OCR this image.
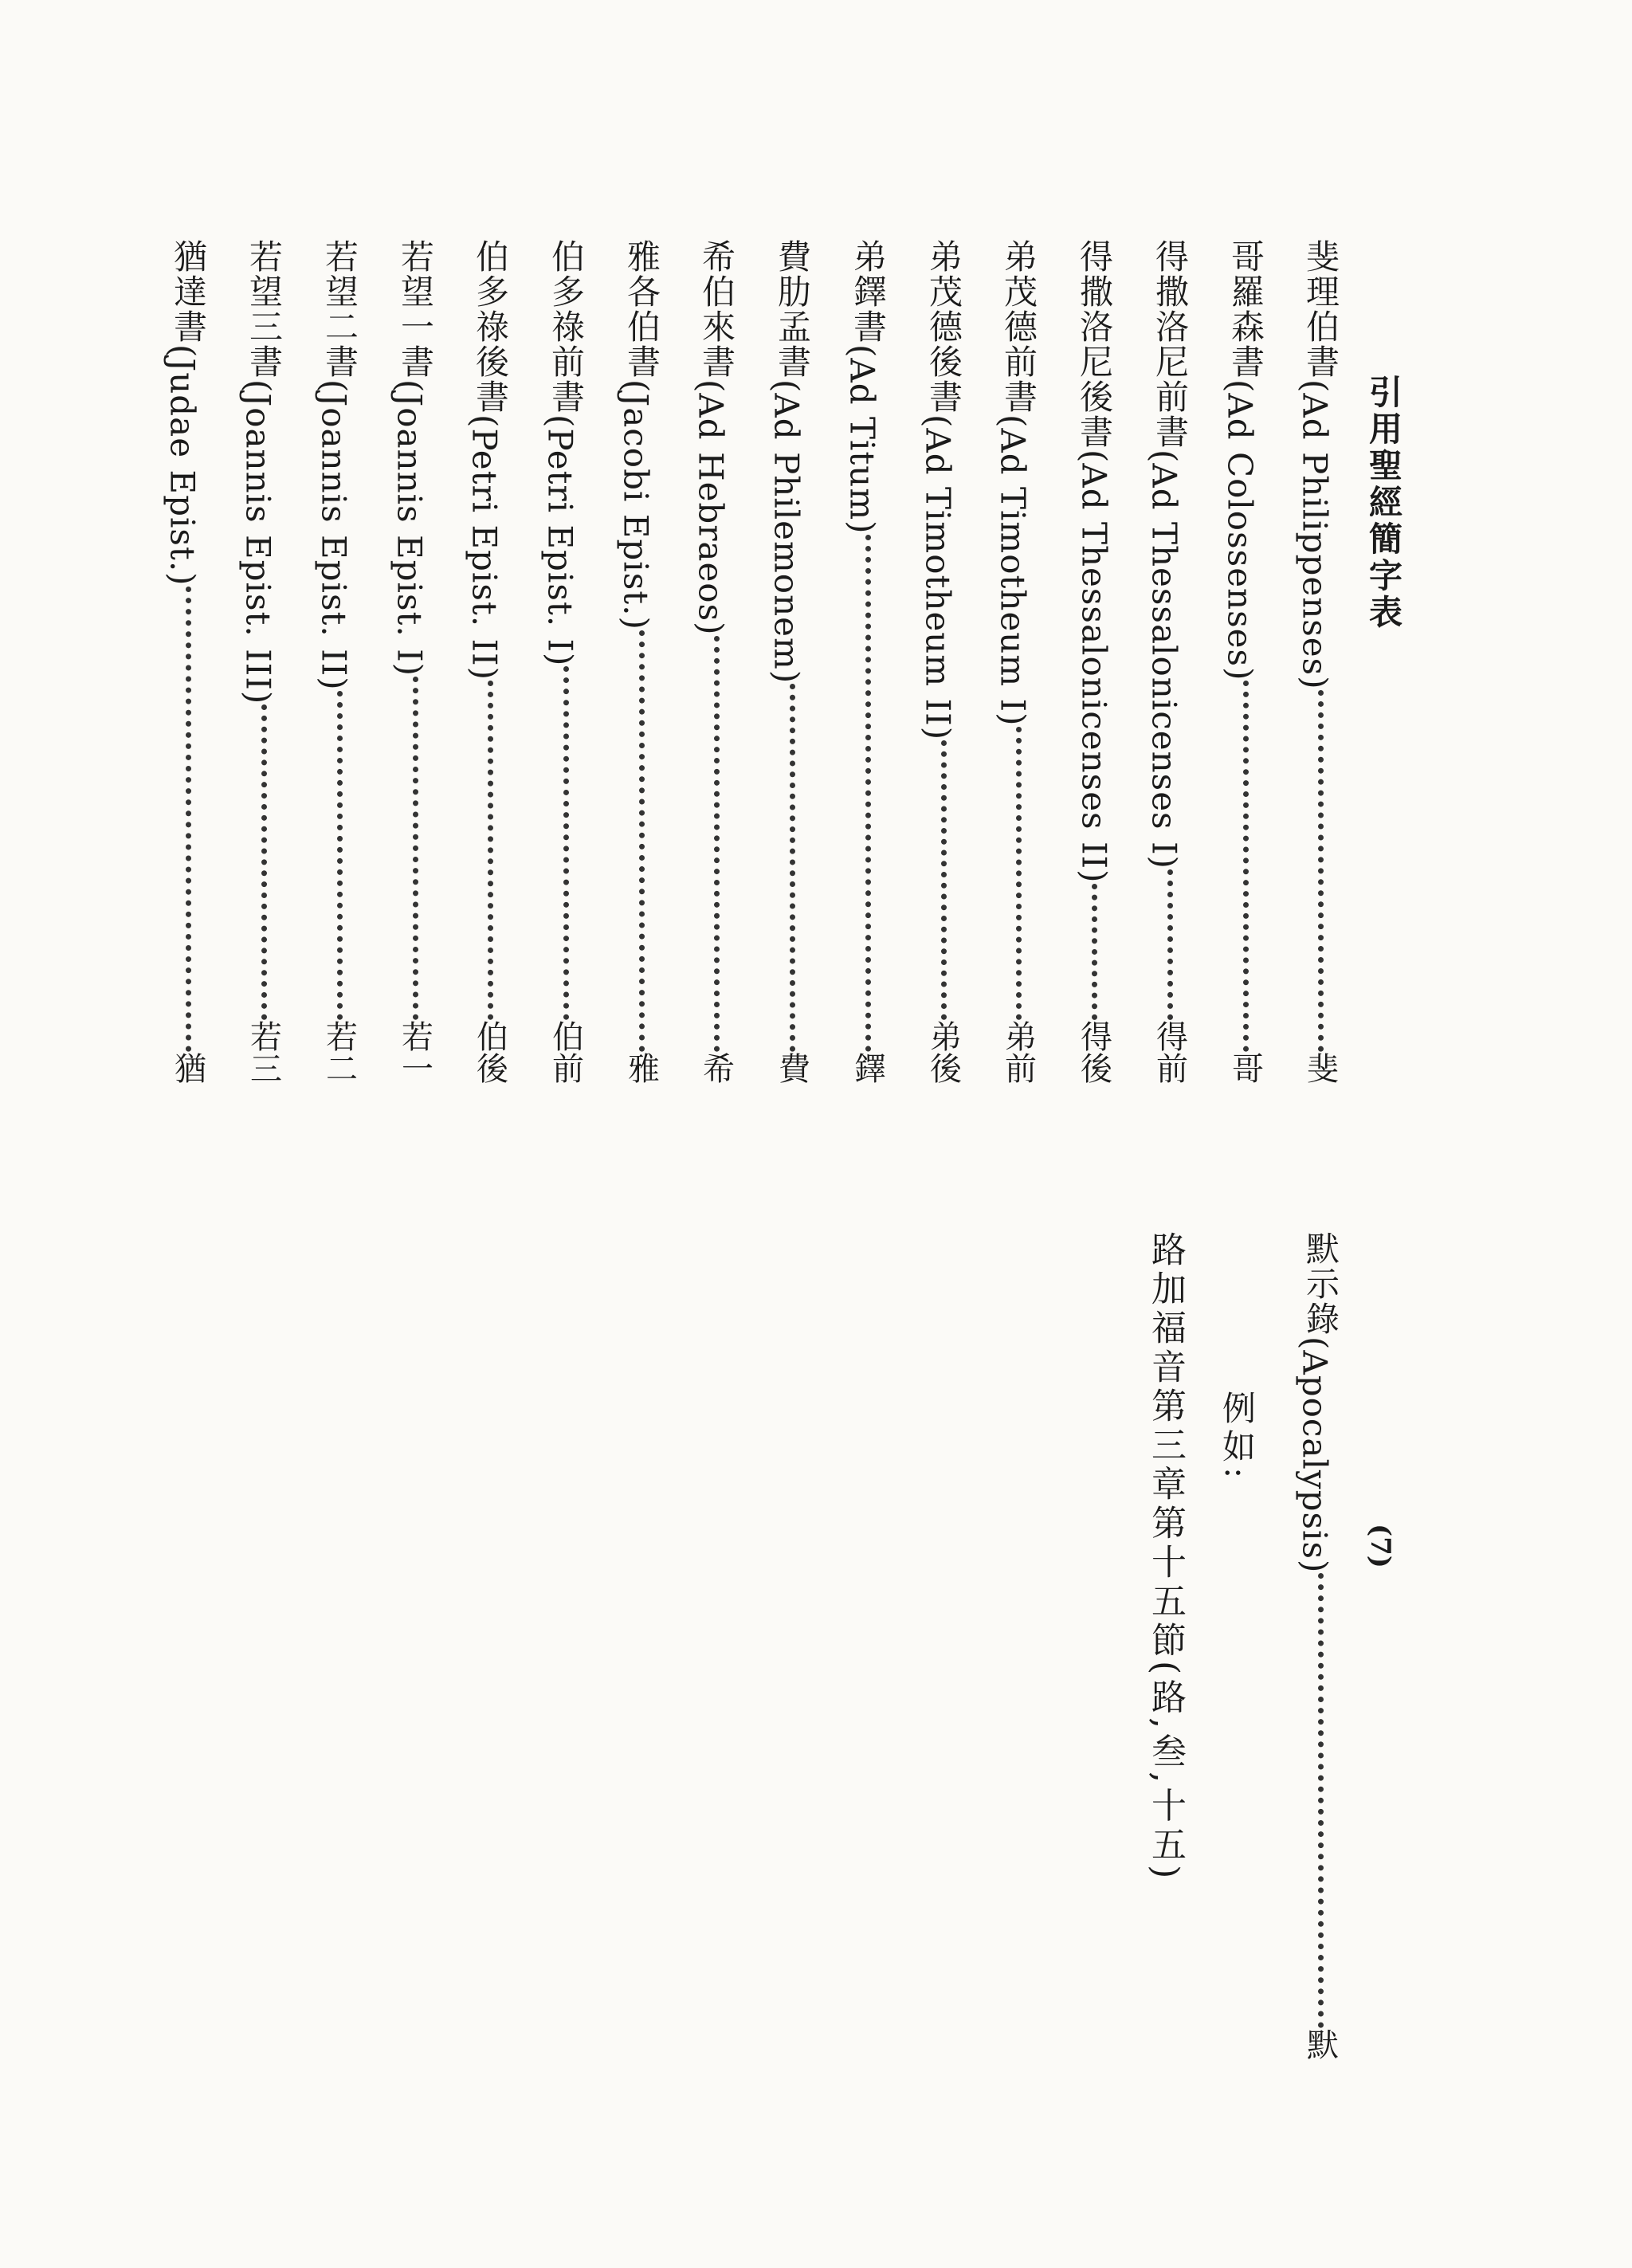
引用聖經簡字表
(7)
斐理伯書
(Ad Philippenses)
斐
哥羅森書
(Ad Colossenses)
哥
得撒洛尼前書
(Ad Thessalonicenses I)
得前
得撒洛尼後書
(Ad Thessalonicenses II)
得後
弟茂德前書
(Ad Timotheum I)
弟前
弟茂德後書
(Ad Timotheum II)
弟後
弟鐸書
(Ad Titum)
鐸
費肋孟書
(Ad Philemonem)
費
希伯來書
(Ad Hebraeos)
希
雅各伯書
(Jacobi Epist.)
雅
伯多祿前書
(Petri Epist. I)
伯前
伯多祿後書
(Petri Epist. II)
伯後
若望一書
(Joannis Epist. I)
若一
若望二書
(Joannis Epist. II)
若二
若望三書
(Joannis Epist. III)
若三
猶達書
(Judae Epist.)
猶
默示錄
(Apocalypsis)
默
例如:
路加福音第三章第十五節(路,叁,十五)
